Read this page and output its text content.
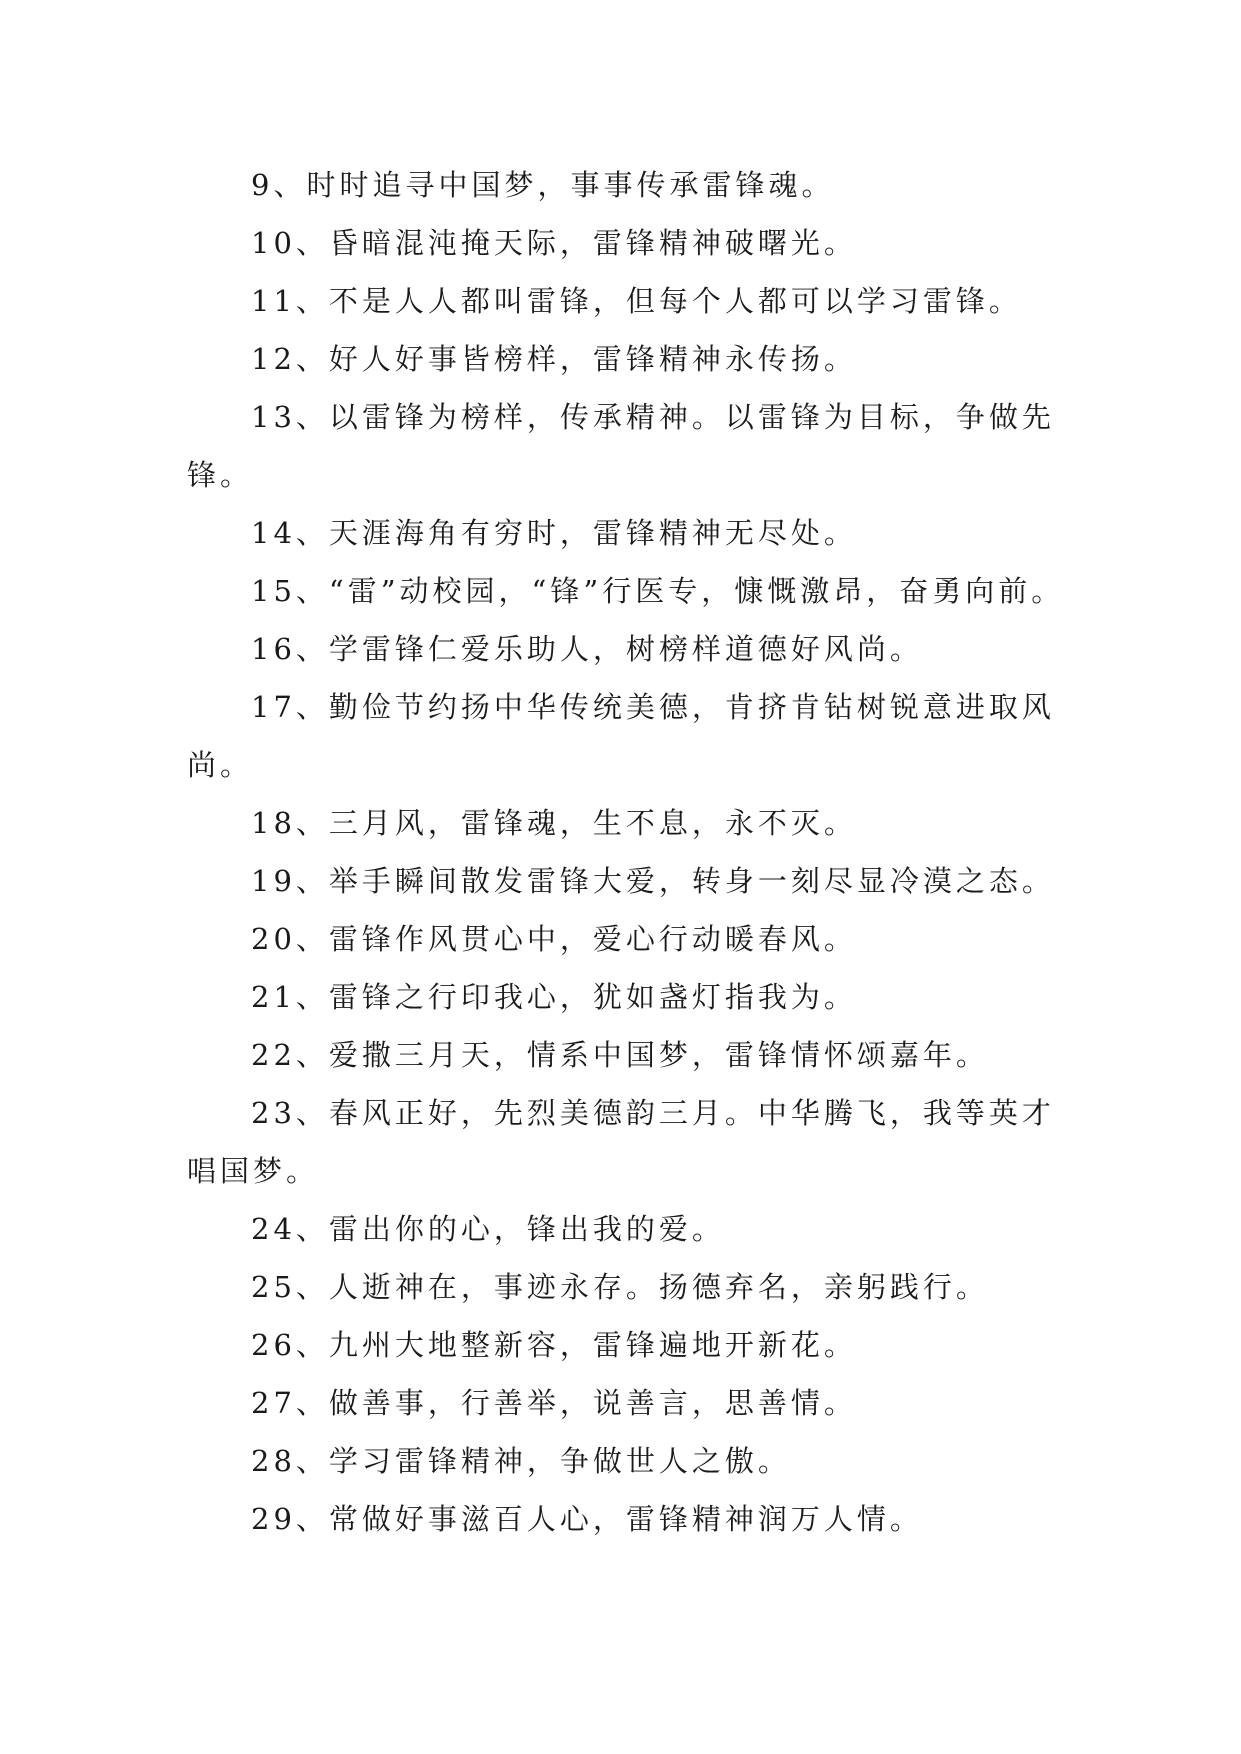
9、时时追寻中国梦，事事传承雷锋魂。

10、昏暗混沌掩天际，雷锋精神破曙光。

11、不是人人都叫雷锋，但每个人都可以学习雷锋。

12、好人好事皆榜样，雷锋精神永传扬。

13、以雷锋为榜样，传承精神。以雷锋为目标，争做先锋。

14、天涯海角有穷时，雷锋精神无尽处。

15、“雷”动校园，“锋”行医专，慷慨激昂，奋勇向前。

16、学雷锋仁爱乐助人，树榜样道德好风尚。

17、勤俭节约扬中华传统美德，肯挤肯钻树锐意进取风尚。

18、三月风，雷锋魂，生不息，永不灭。

19、举手瞬间散发雷锋大爱，转身一刻尽显冷漠之态。

20、雷锋作风贯心中，爱心行动暖春风。

21、雷锋之行印我心，犹如盏灯指我为。

22、爱撒三月天，情系中国梦，雷锋情怀颂嘉年。

23、春风正好，先烈美德韵三月。中华腾飞，我等英才唱国梦。

24、雷出你的心，锋出我的爱。

25、人逝神在，事迹永存。扬德弃名，亲躬践行。

26、九州大地整新容，雷锋遍地开新花。

27、做善事，行善举，说善言，思善情。

28、学习雷锋精神，争做世人之傲。

29、常做好事滋百人心，雷锋精神润万人情。
